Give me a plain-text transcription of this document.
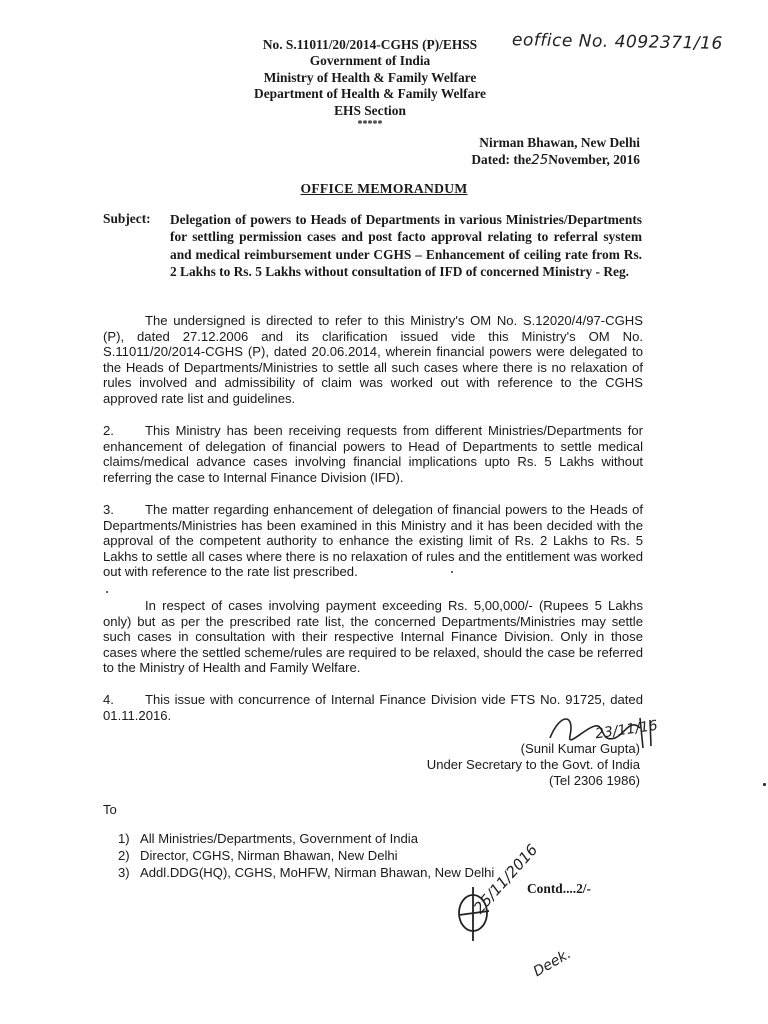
No. S.11011/20/2014-CGHS (P)/EHSS
Government of India
Ministry of Health & Family Welfare
Department of Health & Family Welfare
EHS Section
*****
eoffice No. 4092371/16
Nirman Bhawan, New Delhi
Dated: the25November, 2016
OFFICE MEMORANDUM
Subject: Delegation of powers to Heads of Departments in various Ministries/Departments for settling permission cases and post facto approval relating to referral system and medical reimbursement under CGHS – Enhancement of ceiling rate from Rs. 2 Lakhs to Rs. 5 Lakhs without consultation of IFD of concerned Ministry - Reg.
The undersigned is directed to refer to this Ministry's OM No. S.12020/4/97-CGHS (P), dated 27.12.2006 and its clarification issued vide this Ministry's OM No. S.11011/20/2014-CGHS (P), dated 20.06.2014, wherein financial powers were delegated to the Heads of Departments/Ministries to settle all such cases where there is no relaxation of rules involved and admissibility of claim was worked out with reference to the CGHS approved rate list and guidelines.
2. This Ministry has been receiving requests from different Ministries/Departments for enhancement of delegation of financial powers to Head of Departments to settle medical claims/medical advance cases involving financial implications upto Rs. 5 Lakhs without referring the case to Internal Finance Division (IFD).
3. The matter regarding enhancement of delegation of financial powers to the Heads of Departments/Ministries has been examined in this Ministry and it has been decided with the approval of the competent authority to enhance the existing limit of Rs. 2 Lakhs to Rs. 5 Lakhs to settle all cases where there is no relaxation of rules and the entitlement was worked out with reference to the rate list prescribed.
In respect of cases involving payment exceeding Rs. 5,00,000/- (Rupees 5 Lakhs only) but as per the prescribed rate list, the concerned Departments/Ministries may settle such cases in consultation with their respective Internal Finance Division. Only in those cases where the settled scheme/rules are required to be relaxed, should the case be referred to the Ministry of Health and Family Welfare.
4. This issue with concurrence of Internal Finance Division vide FTS No. 91725, dated 01.11.2016.
23/11/16
(Sunil Kumar Gupta)
Under Secretary to the Govt. of India
(Tel 2306 1986)
To
1) All Ministries/Departments, Government of India
2) Director, CGHS, Nirman Bhawan, New Delhi
3) Addl.DDG(HQ), CGHS, MoHFW, Nirman Bhawan, New Delhi
Contd....2/-
25/11/2016
Deek.
